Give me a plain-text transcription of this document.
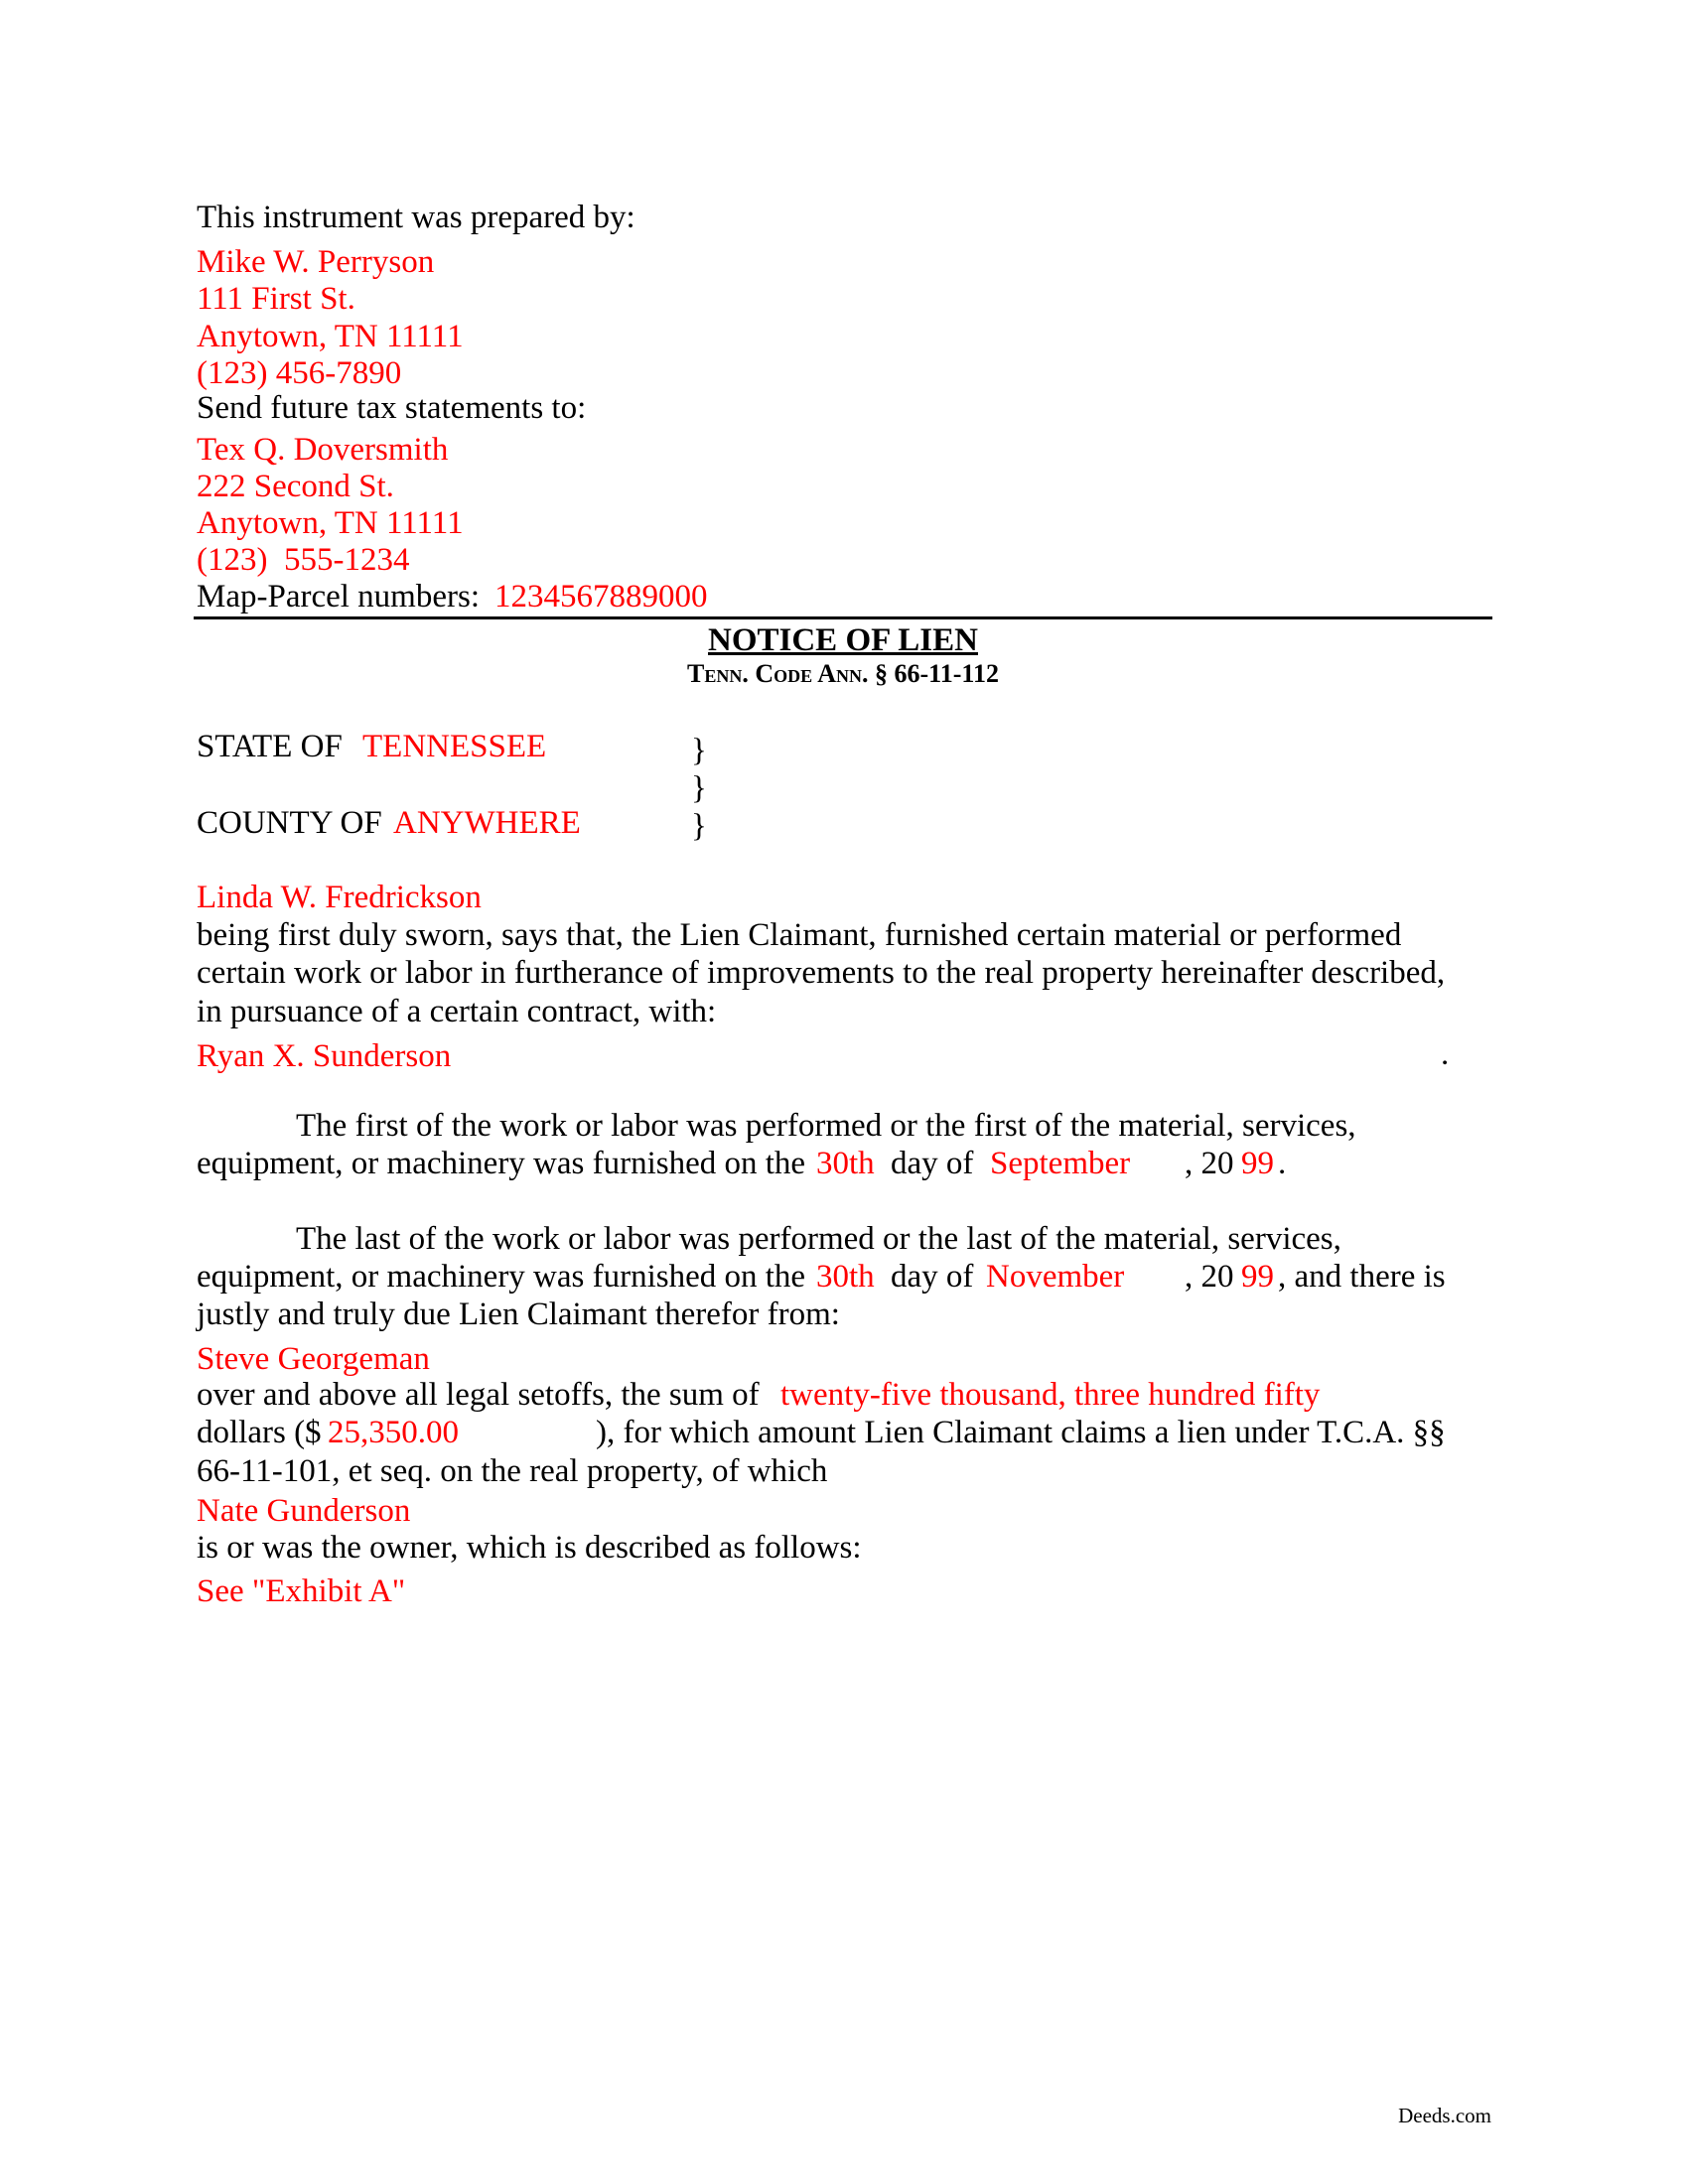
This instrument was prepared by:
Mike W. Perryson
111 First St.
Anytown, TN 11111
(123) 456-7890
Send future tax statements to:
Tex Q. Doversmith
222 Second St.
Anytown, TN 11111
(123)  555-1234
Map-Parcel numbers: 1234567889000
NOTICE OF LIEN
Tenn. Code Ann. § 66-11-112
STATE OF TENNESSEE	}
}
COUNTY OF ANYWHERE	}
Linda W. Fredrickson
being first duly sworn, says that, the Lien Claimant, furnished certain material or performed
certain work or labor in furtherance of improvements to the real property hereinafter described,
in pursuance of a certain contract, with:
Ryan X. Sunderson	.
The first of the work or labor was performed or the first of the material, services,
equipment, or machinery was furnished on the 30th day of September , 20 99 .
The last of the work or labor was performed or the last of the material, services,
equipment, or machinery was furnished on the 30th day of November , 20 99 , and there is
justly and truly due Lien Claimant therefor from:
Steve Georgeman
over and above all legal setoffs, the sum of twenty-five thousand, three hundred fifty
dollars ($ 25,350.00	), for which amount Lien Claimant claims a lien under T.C.A. §§
66-11-101, et seq. on the real property, of which
Nate Gunderson
is or was the owner, which is described as follows:
See "Exhibit A"
Deeds.com
